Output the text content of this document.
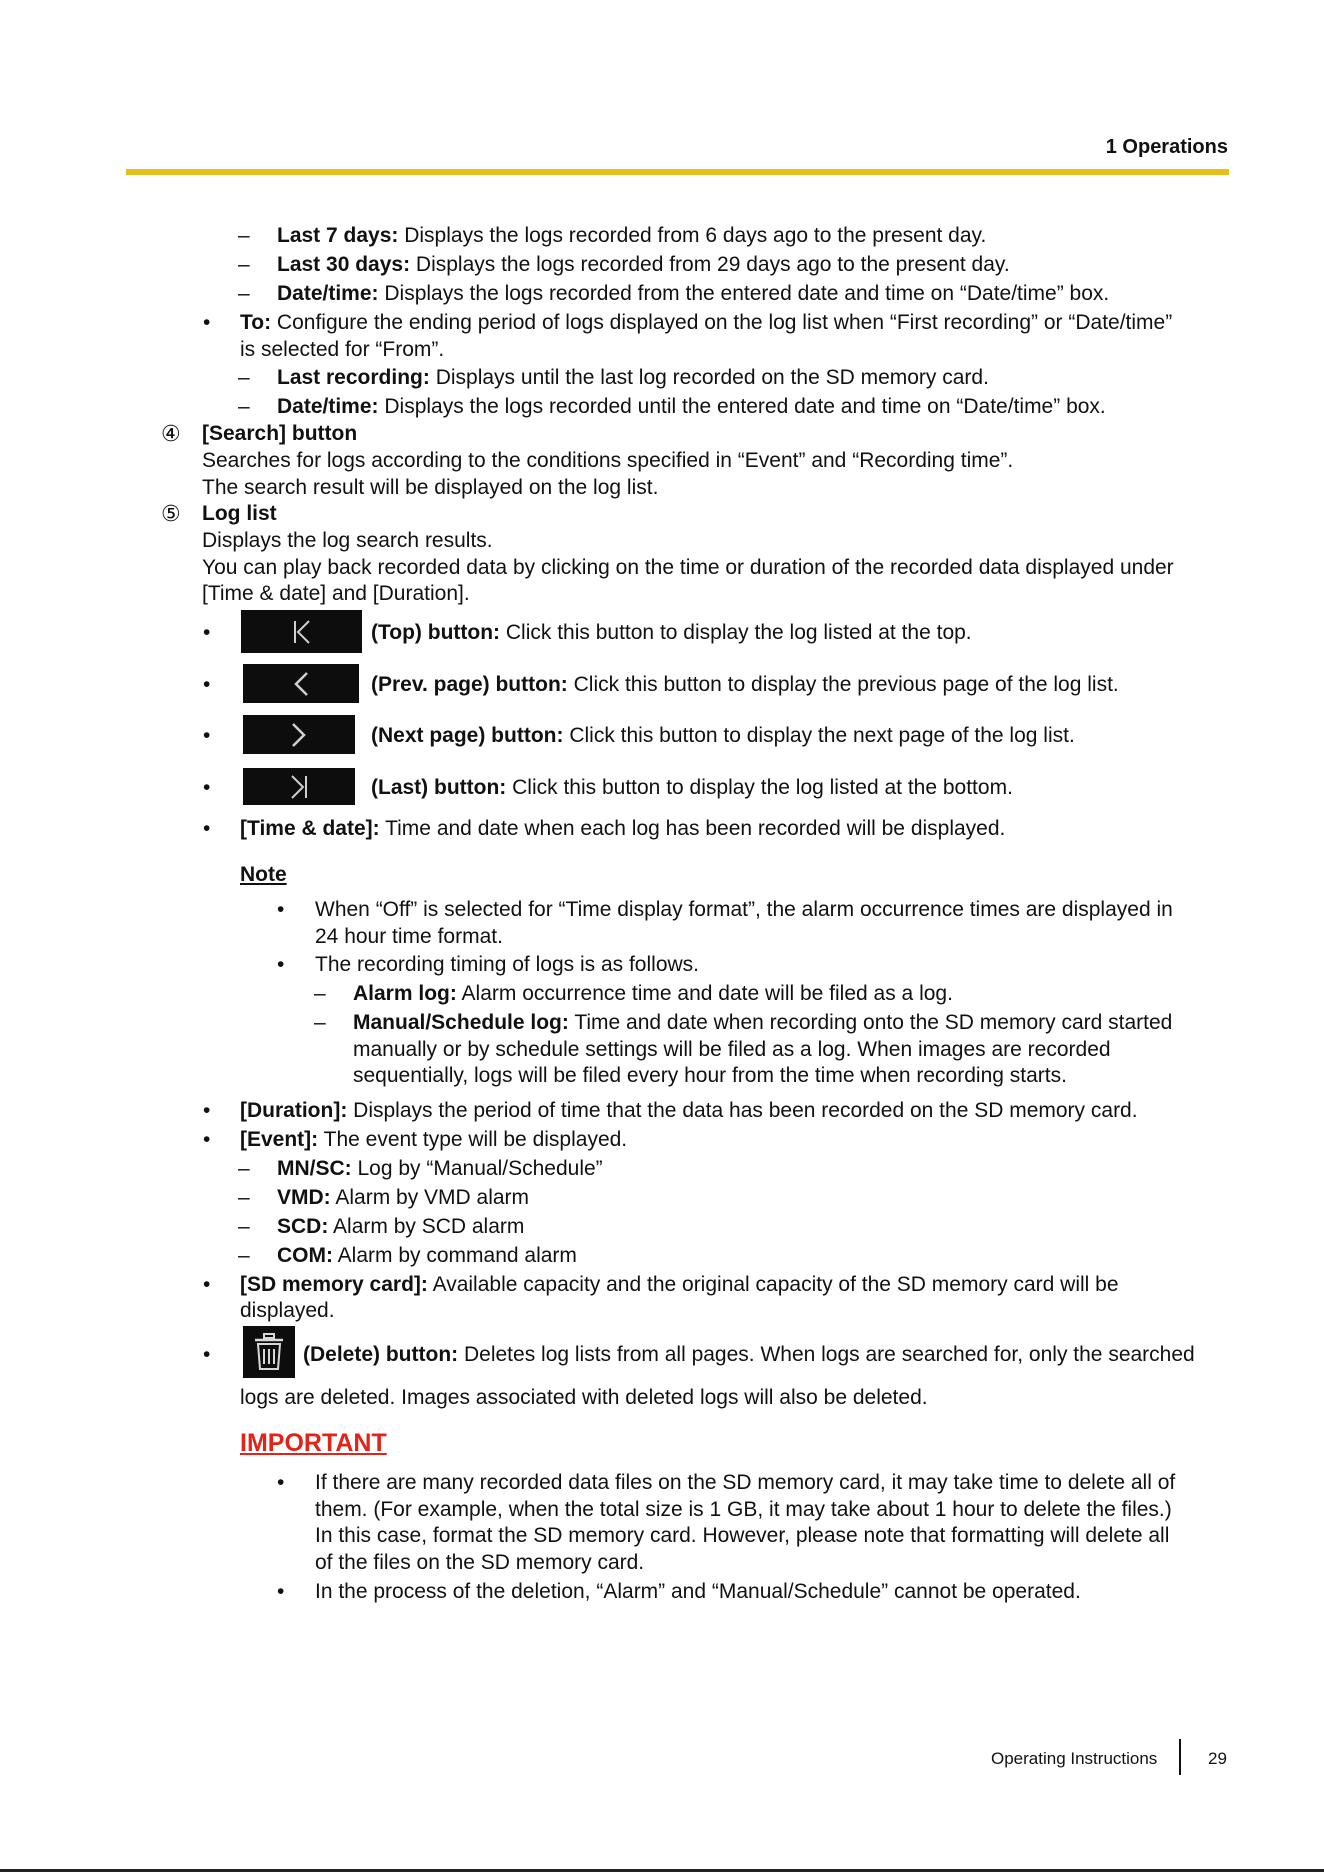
1 Operations
– Last 7 days: Displays the logs recorded from 6 days ago to the present day.
– Last 30 days: Displays the logs recorded from 29 days ago to the present day.
– Date/time: Displays the logs recorded from the entered date and time on “Date/time” box.
• To: Configure the ending period of logs displayed on the log list when “First recording” or “Date/time”
is selected for “From”.
– Last recording: Displays until the last log recorded on the SD memory card.
– Date/time: Displays the logs recorded until the entered date and time on “Date/time” box.
④ [Search] button
Searches for logs according to the conditions specified in “Event” and “Recording time”.
The search result will be displayed on the log list.
⑤ Log list
Displays the log search results.
You can play back recorded data by clicking on the time or duration of the recorded data displayed under
[Time & date] and [Duration].
•	(Top) button: Click this button to display the log listed at the top.
•	(Prev. page) button: Click this button to display the previous page of the log list.
•	(Next page) button: Click this button to display the next page of the log list.
•	(Last) button: Click this button to display the log listed at the bottom.
• [Time & date]: Time and date when each log has been recorded will be displayed.
Note
• When “Off” is selected for “Time display format”, the alarm occurrence times are displayed in
24 hour time format.
• The recording timing of logs is as follows.
– Alarm log: Alarm occurrence time and date will be filed as a log.
– Manual/Schedule log: Time and date when recording onto the SD memory card started
manually or by schedule settings will be filed as a log. When images are recorded
sequentially, logs will be filed every hour from the time when recording starts.
• [Duration]: Displays the period of time that the data has been recorded on the SD memory card.
• [Event]: The event type will be displayed.
– MN/SC: Log by “Manual/Schedule”
– VMD: Alarm by VMD alarm
– SCD: Alarm by SCD alarm
– COM: Alarm by command alarm
• [SD memory card]: Available capacity and the original capacity of the SD memory card will be
displayed.
•	(Delete) button: Deletes log lists from all pages. When logs are searched for, only the searched
logs are deleted. Images associated with deleted logs will also be deleted.
IMPORTANT
• If there are many recorded data files on the SD memory card, it may take time to delete all of
them. (For example, when the total size is 1 GB, it may take about 1 hour to delete the files.)
In this case, format the SD memory card. However, please note that formatting will delete all
of the files on the SD memory card.
• In the process of the deletion, “Alarm” and “Manual/Schedule” cannot be operated.
Operating Instructions	29
